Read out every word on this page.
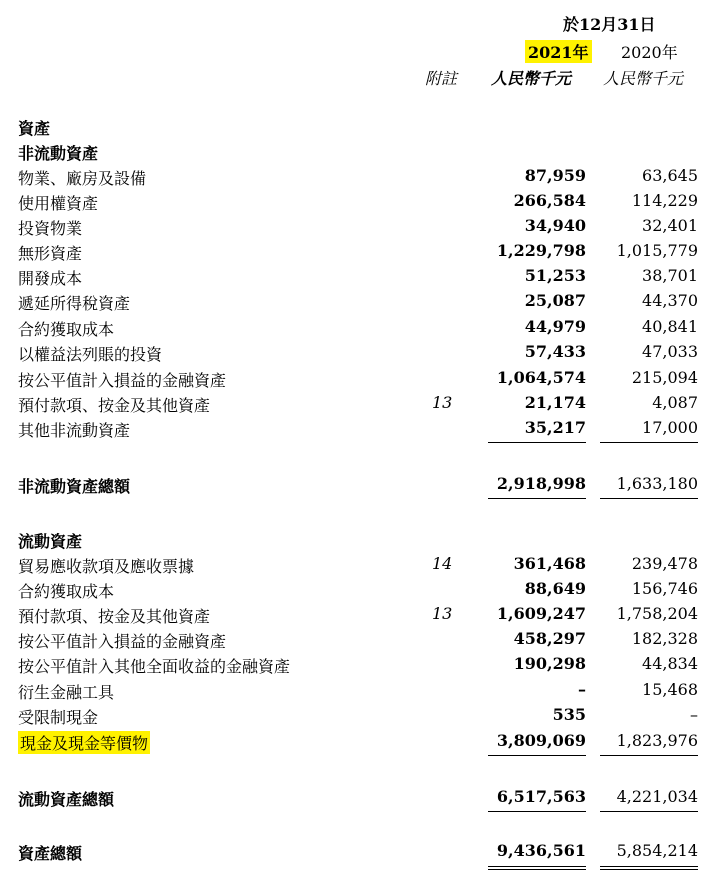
於12月31日
2021年 2020年
附註 人民幣千元 人民幣千元
資產
非流動資產
物業、廠房及設備	87,959	63,645
使用權資產	266,584	114,229
投資物業	34,940	32,401
無形資產	1,229,798 1,015,779
開發成本	51,253	38,701
遞延所得稅資產	25,087	44,370
合約獲取成本	44,979	40,841
以權益法列賬的投資	57,433	47,033
按公平值計入損益的金融資產	1,064,574	215,094
預付款項、按金及其他資產	13	21,174	4,087
其他非流動資產	35,217	17,000
非流動資產總額	2,918,998 1,633,180
流動資產
貿易應收款項及應收票據	14	361,468	239,478
合約獲取成本	88,649	156,746
預付款項、按金及其他資產	13	1,609,247 1,758,204
按公平值計入損益的金融資產	458,297	182,328
按公平值計入其他全面收益的金融資產	190,298	44,834
衍生金融工具	–	15,468
受限制現金	535	–
現金及現金等價物	3,809,069 1,823,976
流動資產總額	6,517,563 4,221,034
資產總額	9,436,561 5,854,214
